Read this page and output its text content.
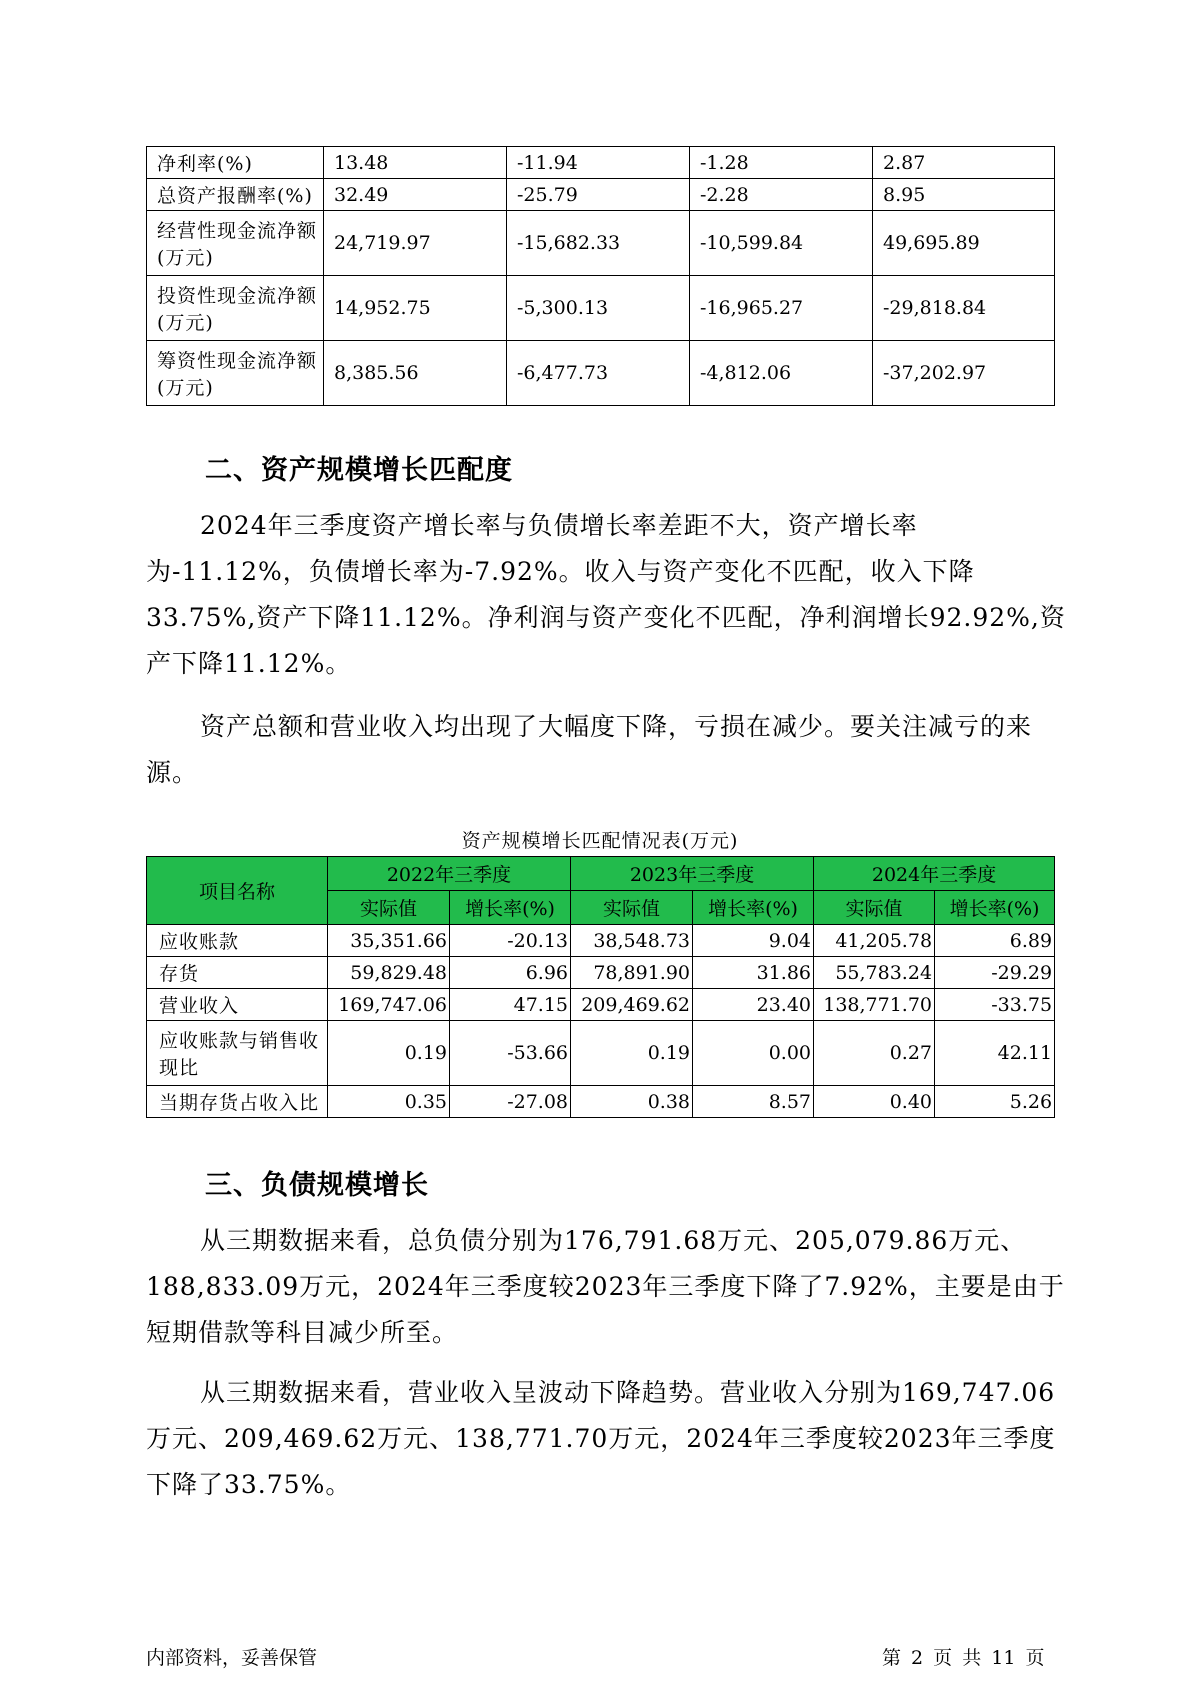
净利率(%)	13.48	-11.94	-1.28	2.87
总资产报酬率(%)	32.49	-25.79	-2.28	8.95
经营性现金流净额(万元)	24,719.97	-15,682.33	-10,599.84	49,695.89
投资性现金流净额(万元)	14,952.75	-5,300.13	-16,965.27	-29,818.84
筹资性现金流净额(万元)	8,385.56	-6,477.73	-4,812.06	-37,202.97
二、资产规模增长匹配度

2024年三季度资产增长率与负债增长率差距不大，资产增长率为-11.12%，负债增长率为-7.92%。收入与资产变化不匹配，收入下降33.75%,资产下降11.12%。净利润与资产变化不匹配，净利润增长92.92%,资产下降11.12%。

资产总额和营业收入均出现了大幅度下降，亏损在减少。要关注减亏的来源。

资产规模增长匹配情况表(万元)
项目名称	2022年三季度		2023年三季度		2024年三季度	
	实际值	增长率(%)	实际值	增长率(%)	实际值	增长率(%)
应收账款	35,351.66	-20.13	38,548.73	9.04	41,205.78	6.89
存货	59,829.48	6.96	78,891.90	31.86	55,783.24	-29.29
营业收入	169,747.06	47.15	209,469.62	23.40	138,771.70	-33.75
应收账款与销售收现比	0.19	-53.66	0.19	0.00	0.27	42.11
当期存货占收入比	0.35	-27.08	0.38	8.57	0.40	5.26
三、负债规模增长

从三期数据来看，总负债分别为176,791.68万元、205,079.86万元、188,833.09万元，2024年三季度较2023年三季度下降了7.92%，主要是由于短期借款等科目减少所至。

从三期数据来看，营业收入呈波动下降趋势。营业收入分别为169,747.06万元、209,469.62万元、138,771.70万元，2024年三季度较2023年三季度下降了33.75%。

内部资料，妥善保管	第 2 页 共 11 页
